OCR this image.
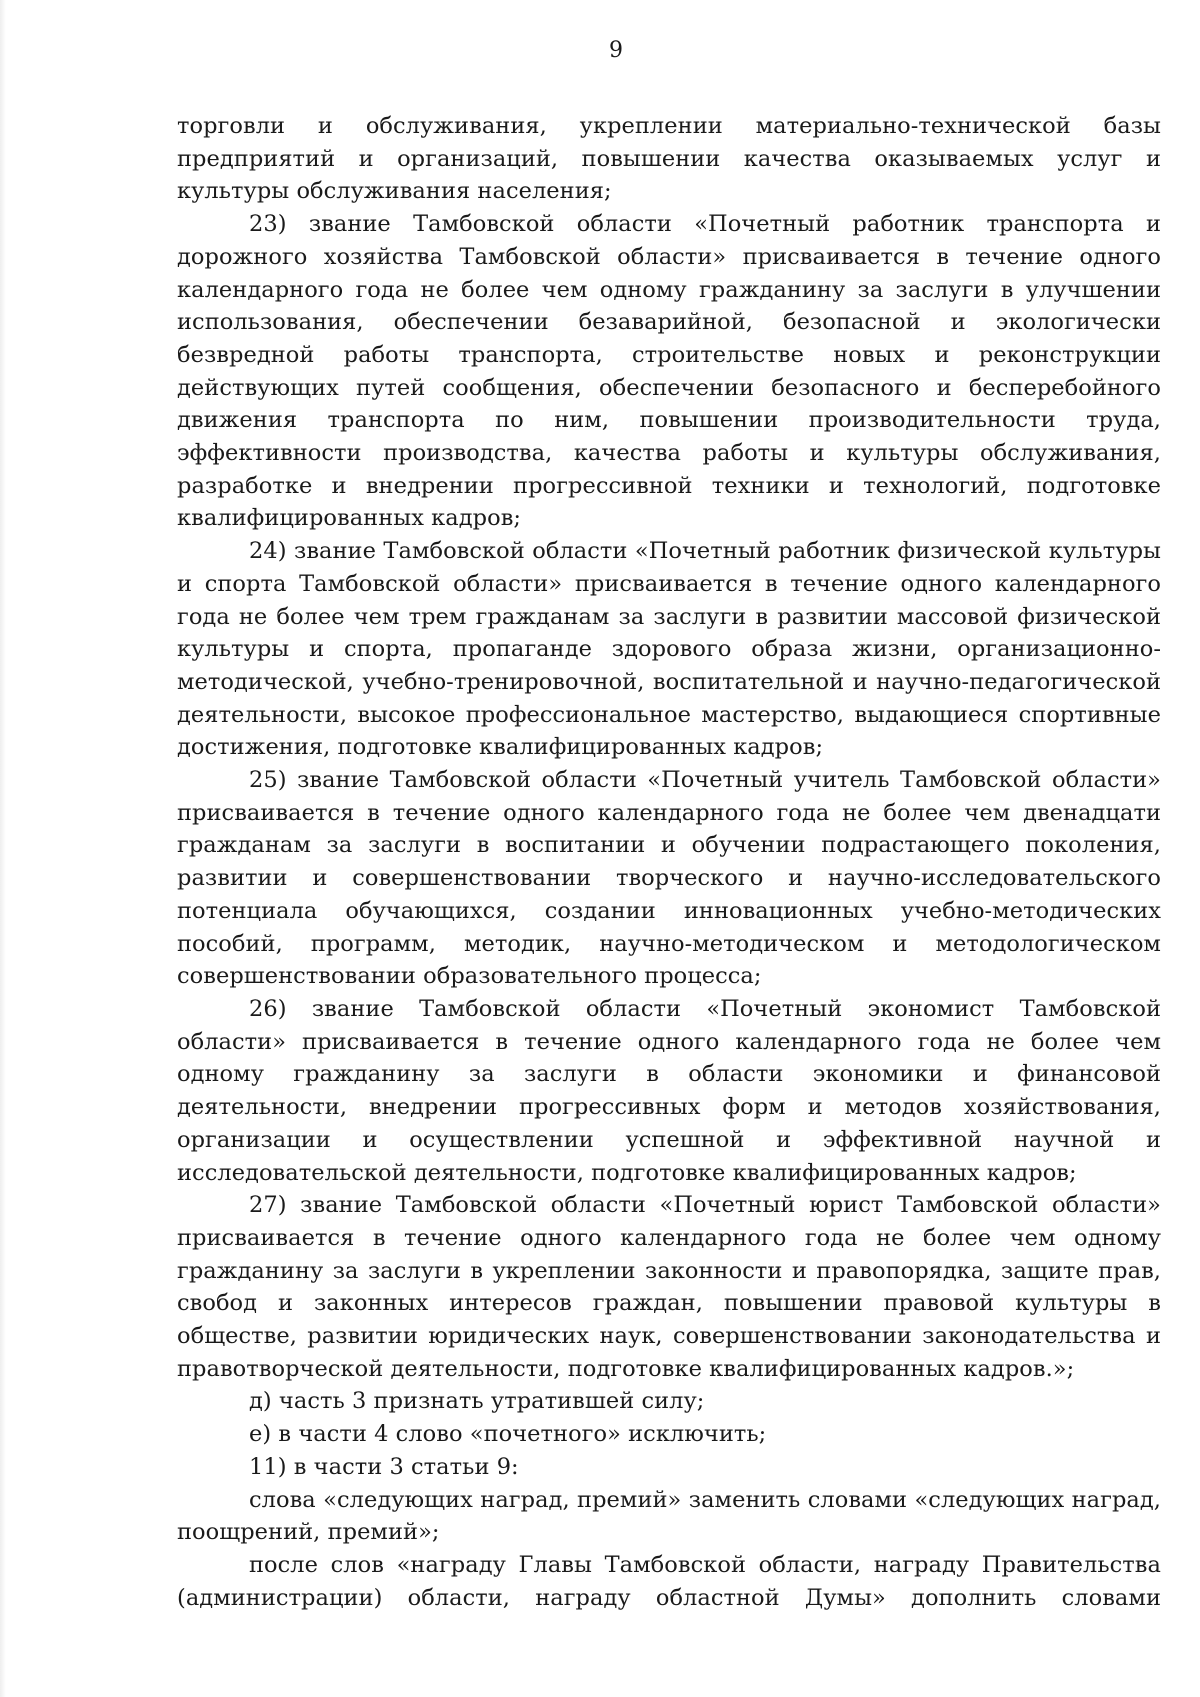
9

торговли и обслуживания, укреплении материально-технической базы предприятий и организаций, повышении качества оказываемых услуг и культуры обслуживания населения;

23) звание Тамбовской области «Почетный работник транспорта и дорожного хозяйства Тамбовской области» присваивается в течение одного календарного года не более чем одному гражданину за заслуги в улучшении использования, обеспечении безаварийной, безопасной и экологически безвредной работы транспорта, строительстве новых и реконструкции действующих путей сообщения, обеспечении безопасного и бесперебойного движения транспорта по ним, повышении производительности труда, эффективности производства, качества работы и культуры обслуживания, разработке и внедрении прогрессивной техники и технологий, подготовке квалифицированных кадров;

24) звание Тамбовской области «Почетный работник физической культуры и спорта Тамбовской области» присваивается в течение одного календарного года не более чем трем гражданам за заслуги в развитии массовой физической культуры и спорта, пропаганде здорового образа жизни, организационно-методической, учебно-тренировочной, воспитательной и научно-педагогической деятельности, высокое профессиональное мастерство, выдающиеся спортивные достижения, подготовке квалифицированных кадров;

25) звание Тамбовской области «Почетный учитель Тамбовской области» присваивается в течение одного календарного года не более чем двенадцати гражданам за заслуги в воспитании и обучении подрастающего поколения, развитии и совершенствовании творческого и научно-исследовательского потенциала обучающихся, создании инновационных учебно-методических пособий, программ, методик, научно-методическом и методологическом совершенствовании образовательного процесса;

26) звание Тамбовской области «Почетный экономист Тамбовской области» присваивается в течение одного календарного года не более чем одному гражданину за заслуги в области экономики и финансовой деятельности, внедрении прогрессивных форм и методов хозяйствования, организации и осуществлении успешной и эффективной научной и исследовательской деятельности, подготовке квалифицированных кадров;

27) звание Тамбовской области «Почетный юрист Тамбовской области» присваивается в течение одного календарного года не более чем одному гражданину за заслуги в укреплении законности и правопорядка, защите прав, свобод и законных интересов граждан, повышении правовой культуры в обществе, развитии юридических наук, совершенствовании законодательства и правотворческой деятельности, подготовке квалифицированных кадров.»;

д) часть 3 признать утратившей силу;

е) в части 4 слово «почетного» исключить;

11) в части 3 статьи 9:

слова «следующих наград, премий» заменить словами «следующих наград, поощрений, премий»;

после слов «награду Главы Тамбовской области, награду Правительства (администрации) области, награду областной Думы» дополнить словами
